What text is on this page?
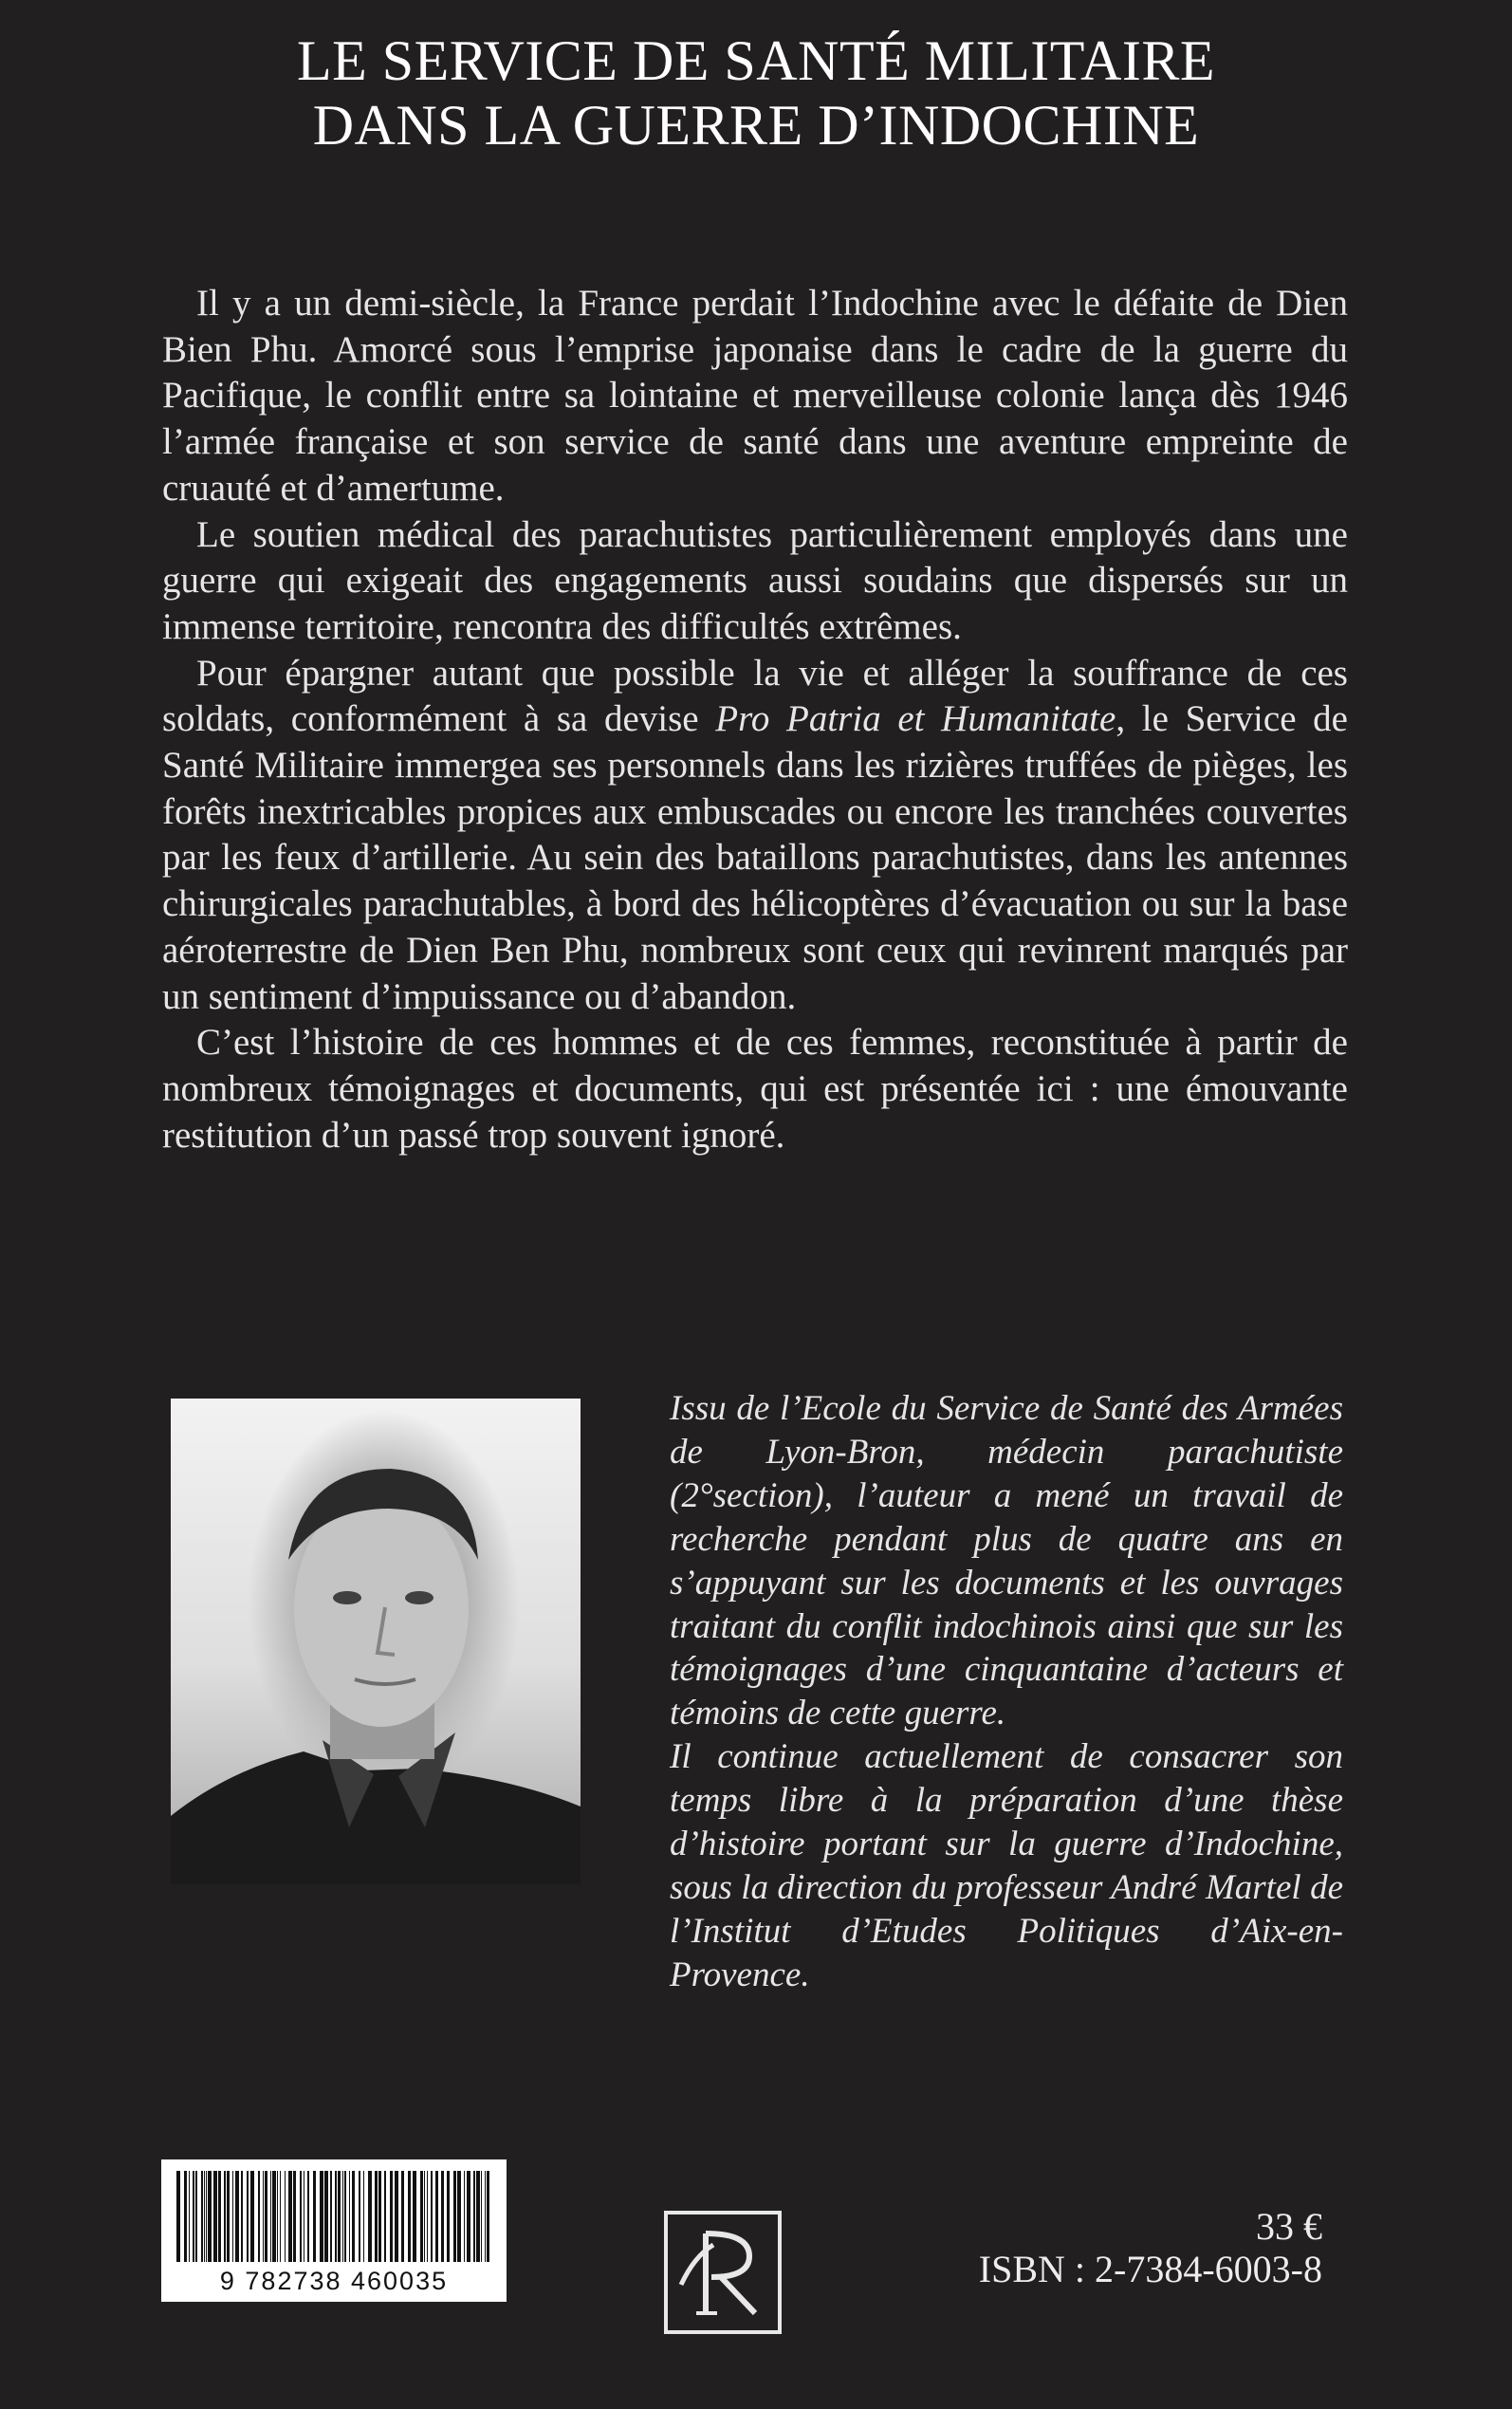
LE SERVICE DE SANTÉ MILITAIRE
DANS LA GUERRE D’INDOCHINE

Il y a un demi-siècle, la France perdait l’Indochine avec le défaite de Dien Bien Phu. Amorcé sous l’emprise japonaise dans le cadre de la guerre du Pacifique, le conflit entre sa lointaine et merveilleuse colonie lança dès 1946 l’armée française et son service de santé dans une aventure empreinte de cruauté et d’amertume.

Le soutien médical des parachutistes particulièrement employés dans une guerre qui exigeait des engagements aussi soudains que dispersés sur un immense territoire, rencontra des difficultés extrêmes.

Pour épargner autant que possible la vie et alléger la souffrance de ces soldats, conformément à sa devise Pro Patria et Humanitate, le Service de Santé Militaire immergea ses personnels dans les rizières truffées de pièges, les forêts inextricables propices aux embuscades ou encore les tranchées couvertes par les feux d’artillerie. Au sein des bataillons parachutistes, dans les antennes chirurgicales parachutables, à bord des hélicoptères d’évacuation ou sur la base aéroterrestre de Dien Ben Phu, nombreux sont ceux qui revinrent marqués par un sentiment d’impuissance ou d’abandon.

C’est l’histoire de ces hommes et de ces femmes, reconstituée à partir de nombreux témoignages et documents, qui est présentée ici : une émouvante restitution d’un passé trop souvent ignoré.

Issu de l’Ecole du Service de Santé des Armées de Lyon-Bron, médecin parachutiste (2°section), l’auteur a mené un travail de recherche pendant plus de quatre ans en s’appuyant sur les documents et les ouvrages traitant du conflit indochinois ainsi que sur les témoignages d’une cinquantaine d’acteurs et témoins de cette guerre.

Il continue actuellement de consacrer son temps libre à la préparation d’une thèse d’histoire portant sur la guerre d’Indochine, sous la direction du professeur André Martel de l’Institut d’Etudes Politiques d’Aix-en-Provence.

9 782738 460035
33 €
ISBN : 2-7384-6003-8
